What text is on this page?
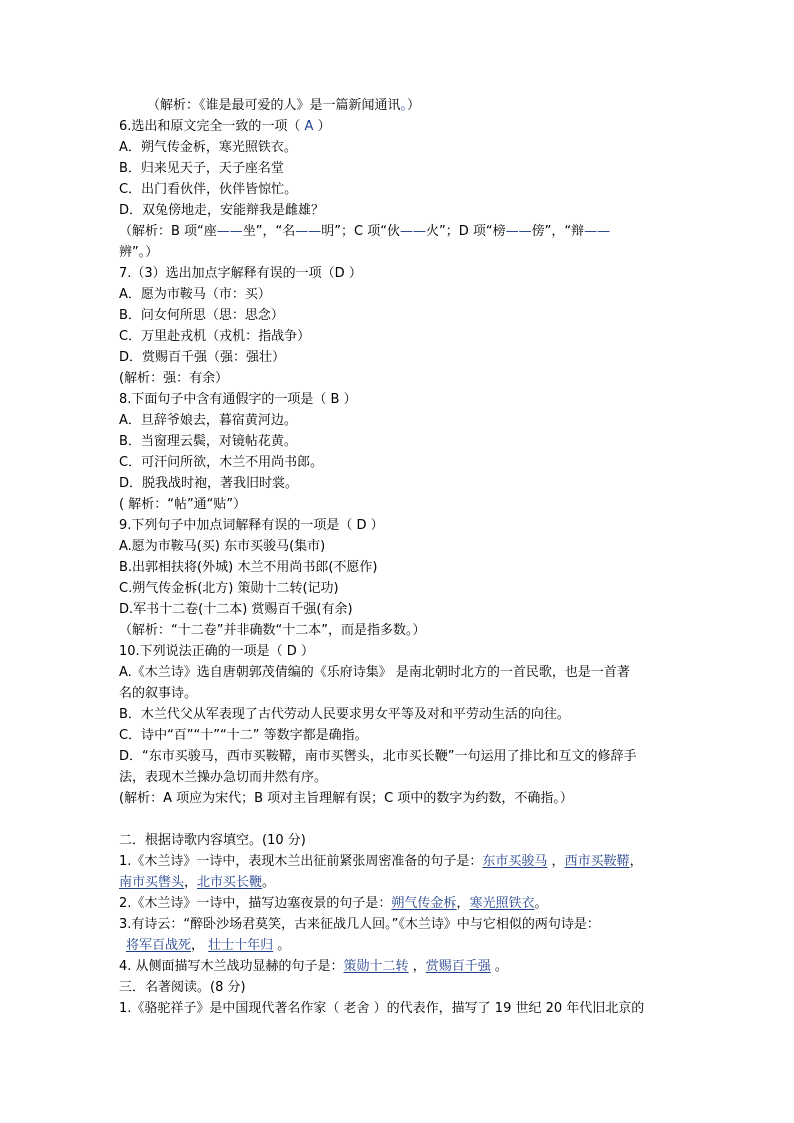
（解析：《谁是最可爱的人》是一篇新闻通讯。）
6.选出和原文完全一致的一项（ A ）
A．朔气传金柝，寒光照铁衣。
B．归来见天子，天子座名堂
C．出门看伙伴，伙伴皆惊忙。
D．双兔傍地走，安能辩我是雌雄？
（解析：B 项“座——坐”，“名——明”；C 项“伙——火”；D 项“榜——傍”，“辩——
辨”。）
7.（3）选出加点字解释有误的一项（D ）
A．愿为市鞍马（市：买）
B．问女何所思（思：思念）
C．万里赴戎机（戎机：指战争）
D．赏赐百千强（强：强壮）
(解析：强：有余）
8.下面句子中含有通假字的一项是（ B ）
A．旦辞爷娘去，暮宿黄河边。
B．当窗理云鬓，对镜帖花黄。
C．可汗问所欲，木兰不用尚书郎。
D．脱我战时袍，著我旧时裳。
( 解析：“帖”通“贴”）
9.下列句子中加点词解释有误的一项是（ D ）
A.愿为市鞍马(买) 东市买骏马(集市)
B.出郭相扶将(外城) 木兰不用尚书郎(不愿作)
C.朔气传金柝(北方) 策勋十二转(记功)
D.军书十二卷(十二本) 赏赐百千强(有余)
（解析：“十二卷”并非确数“十二本”，而是指多数。）
10.下列说法正确的一项是（ D ）
A.《木兰诗》选自唐朝郭茂倩编的《乐府诗集》 是南北朝时北方的一首民歌，也是一首著
名的叙事诗。
B．木兰代父从军表现了古代劳动人民要求男女平等及对和平劳动生活的向往。
C．诗中“百”“十”“十二” 等数字都是确指。
D．“东市买骏马，西市买鞍鞯，南市买辔头，北市买长鞭”一句运用了排比和互文的修辞手
法，表现木兰操办急切而井然有序。
(解析：A 项应为宋代；B 项对主旨理解有误；C 项中的数字为约数，不确指。）
二．根据诗歌内容填空。(10 分)
1.《木兰诗》一诗中，表现木兰出征前紧张周密准备的句子是：东市买骏马 ，西市买鞍鞯，
南市买辔头，北市买长鞭。
2.《木兰诗》一诗中，描写边塞夜景的句子是：朔气传金柝，寒光照铁衣。
3.有诗云：“醉卧沙场君莫笑，古来征战几人回。”《木兰诗》中与它相似的两句诗是：
将军百战死， 壮士十年归 。
4. 从侧面描写木兰战功显赫的句子是：策勋十二转 ，赏赐百千强 。
三．名著阅读。(8 分)
1.《骆驼祥子》是中国现代著名作家（ 老舍 ）的代表作，描写了 19 世纪 20 年代旧北京的
